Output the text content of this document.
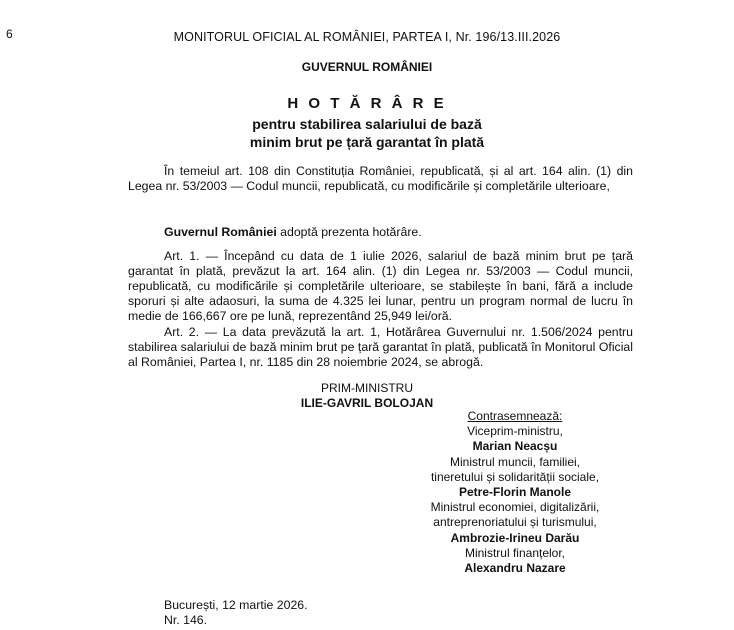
6	MONITORUL OFICIAL AL ROMÂNIEI, PARTEA I, Nr. 196/13.III.2026
GUVERNUL ROMÂNIEI
H O T Ă R Â R E
pentru stabilirea salariului de bază
minim brut pe țară garantat în plată
În temeiul art. 108 din Constituția României, republicată, și al art. 164 alin. (1) din Legea nr. 53/2003 — Codul muncii, republicată, cu modificările și completările ulterioare,
Guvernul României adoptă prezenta hotărâre.
Art. 1. — Începând cu data de 1 iulie 2026, salariul de bază minim brut pe țară garantat în plată, prevăzut la art. 164 alin. (1) din Legea nr. 53/2003 — Codul muncii, republicată, cu modificările și completările ulterioare, se stabilește în bani, fără a include sporuri și alte adaosuri, la suma de 4.325 lei lunar, pentru un program normal de lucru în medie de 166,667 ore pe lună, reprezentând 25,949 lei/oră.
Art. 2. — La data prevăzută la art. 1, Hotărârea Guvernului nr. 1.506/2024 pentru stabilirea salariului de bază minim brut pe țară garantat în plată, publicată în Monitorul Oficial al României, Partea I, nr. 1185 din 28 noiembrie 2024, se abrogă.
PRIM-MINISTRU
ILIE-GAVRIL BOLOJAN
Contrasemnează:
Viceprim-ministru,
Marian Neacșu
Ministrul muncii, familiei,
tineretului și solidarității sociale,
Petre-Florin Manole
Ministrul economiei, digitalizării,
antreprenoriatului și turismului,
Ambrozie-Irineu Darău
Ministrul finanțelor,
Alexandru Nazare
București, 12 martie 2026.
Nr. 146.
